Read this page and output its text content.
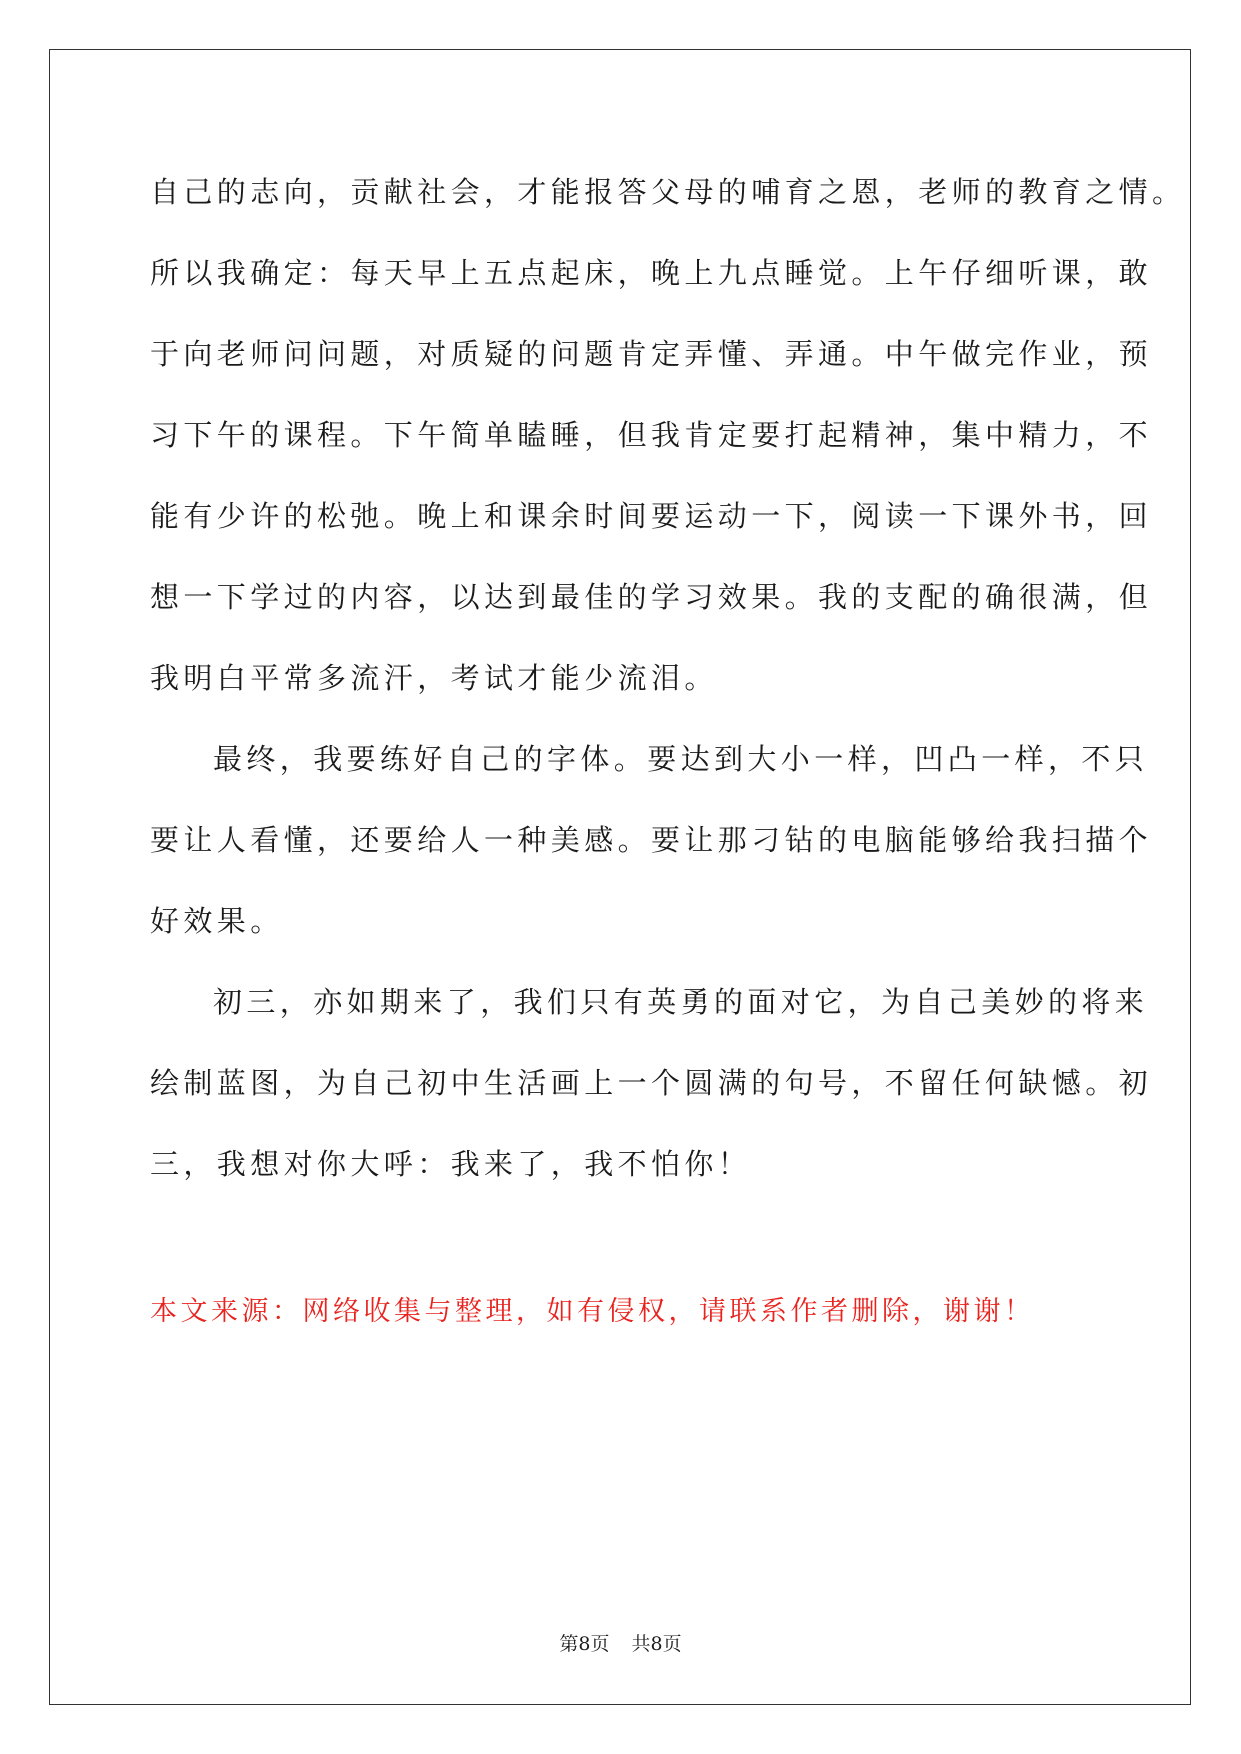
自己的志向，贡献社会，才能报答父母的哺育之恩，老师的教育之情。
所以我确定：每天早上五点起床，晚上九点睡觉。上午仔细听课，敢
于向老师问问题，对质疑的问题肯定弄懂、弄通。中午做完作业，预
习下午的课程。下午简单瞌睡，但我肯定要打起精神，集中精力，不
能有少许的松弛。晚上和课余时间要运动一下，阅读一下课外书，回
想一下学过的内容，以达到最佳的学习效果。我的支配的确很满，但
我明白平常多流汗，考试才能少流泪。
最终，我要练好自己的字体。要达到大小一样，凹凸一样，不只
要让人看懂，还要给人一种美感。要让那刁钻的电脑能够给我扫描个
好效果。
初三，亦如期来了，我们只有英勇的面对它，为自己美妙的将来
绘制蓝图，为自己初中生活画上一个圆满的句号，不留任何缺憾。初
三，我想对你大呼：我来了，我不怕你！
本文来源：网络收集与整理，如有侵权，请联系作者删除，谢谢！
第8页 共8页
